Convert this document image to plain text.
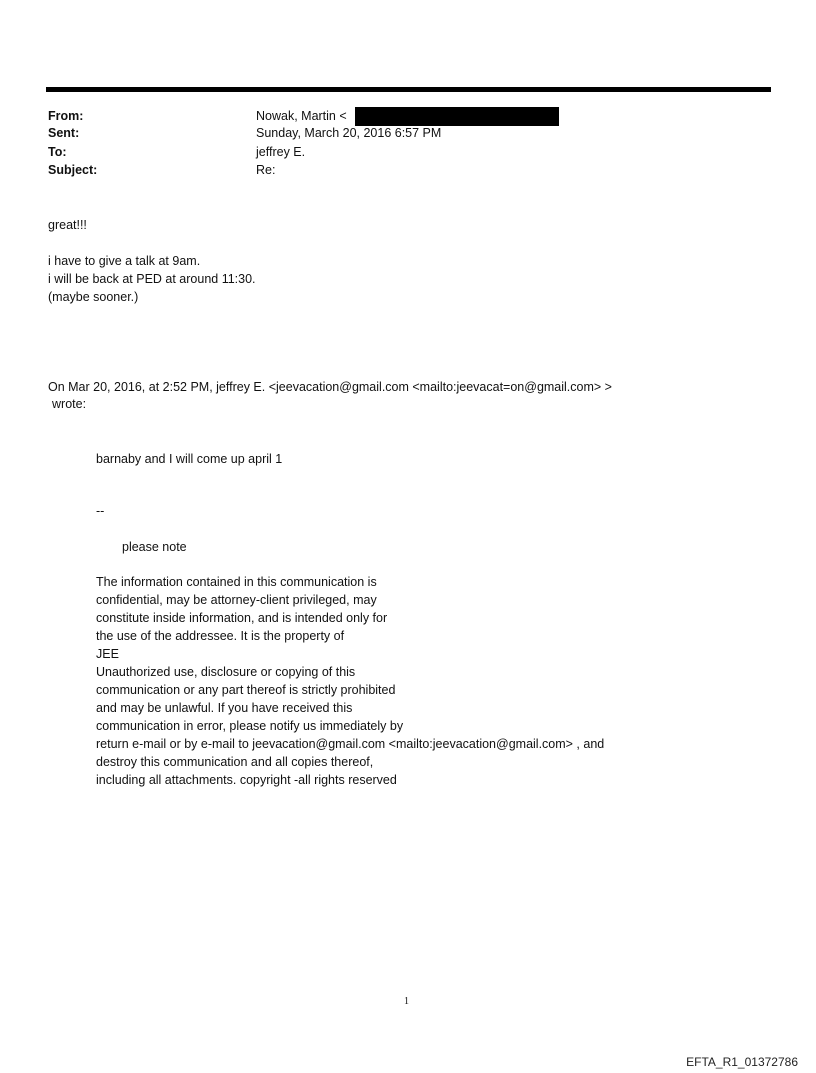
From:	Nowak, Martin <
Sent:	Sunday, March 20, 2016 6:57 PM
To:	jeffrey E.
Subject:	Re:
great!!!
i have to give a talk at 9am.
i will be back at PED at around 11:30.
(maybe sooner.)
On Mar 20, 2016, at 2:52 PM, jeffrey E. <jeevacation@gmail.com <mailto:jeevacat=on@gmail.com> >
wrote:
barnaby and I will come up april 1
--
please note
The information contained in this communication is
confidential, may be attorney-client privileged, may
constitute inside information, and is intended only for
the use of the addressee. It is the property of
JEE
Unauthorized use, disclosure or copying of this
communication or any part thereof is strictly prohibited
and may be unlawful. If you have received this
communication in error, please notify us immediately by
return e-mail or by e-mail to jeevacation@gmail.com <mailto:jeevacation@gmail.com> , and
destroy this communication and all copies thereof,
including all attachments. copyright -all rights reserved
1
EFTA_R1_01372786
